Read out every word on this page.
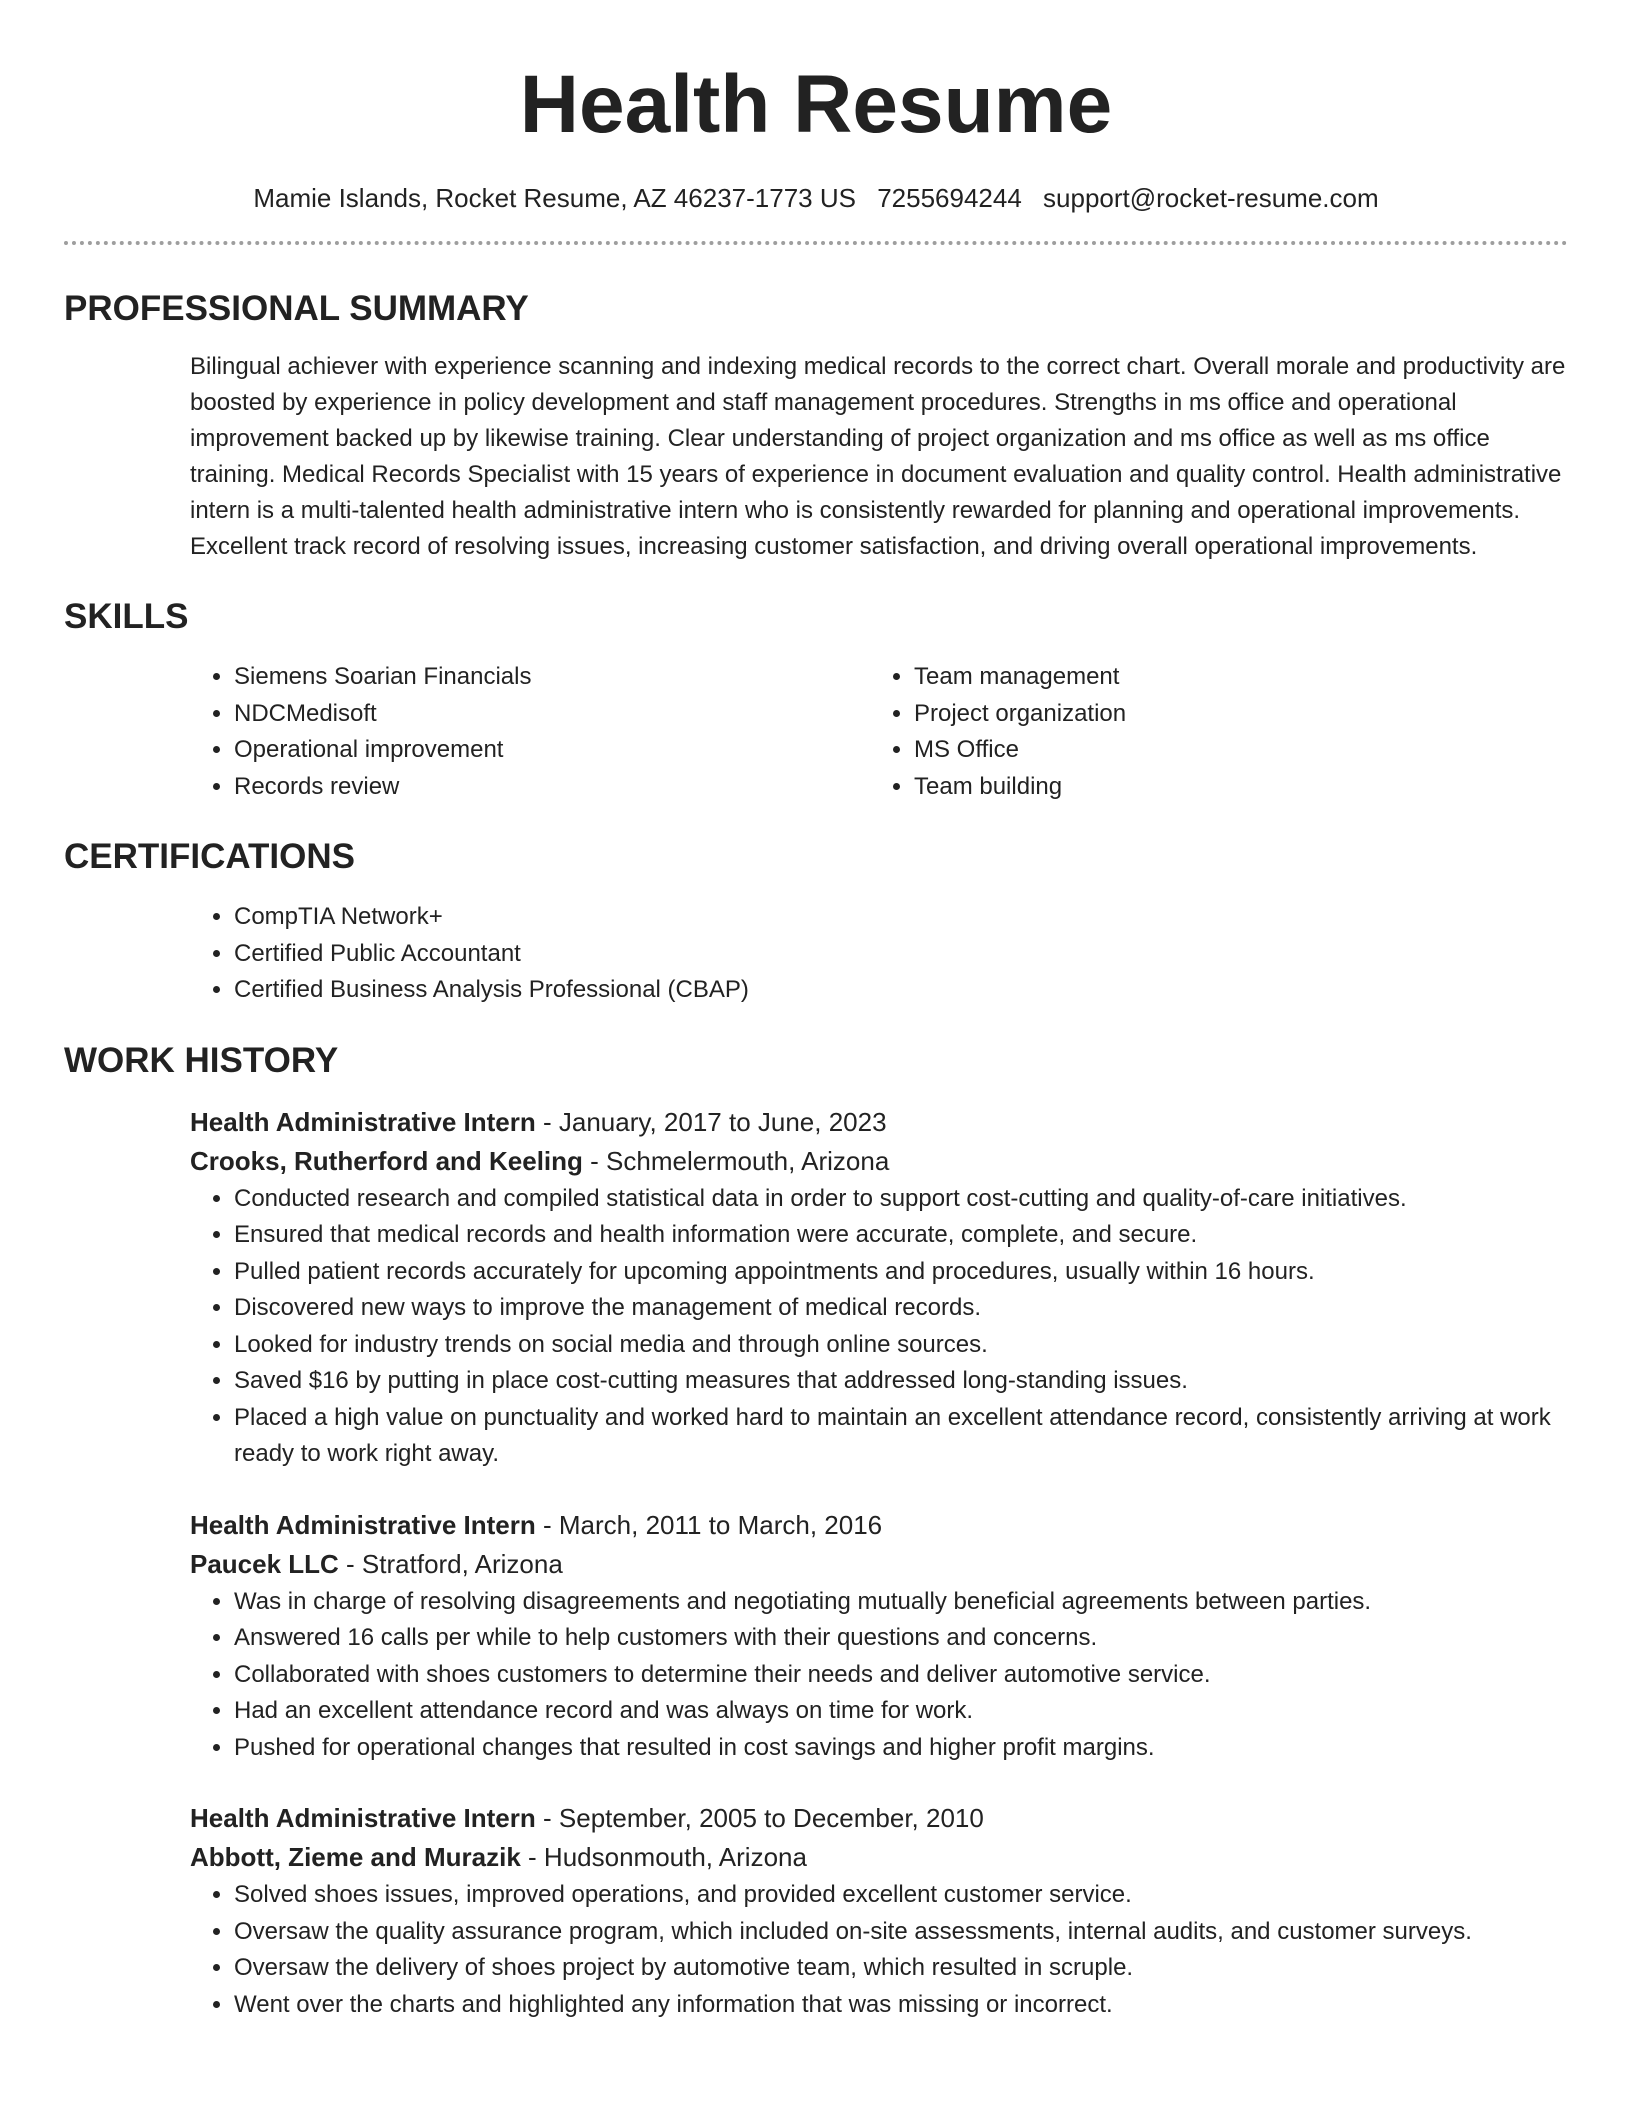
Health Resume
Mamie Islands, Rocket Resume, AZ 46237-1773 US 7255694244 support@rocket-resume.com
PROFESSIONAL SUMMARY
Bilingual achiever with experience scanning and indexing medical records to the correct chart. Overall morale and productivity are boosted by experience in policy development and staff management procedures. Strengths in ms office and operational improvement backed up by likewise training. Clear understanding of project organization and ms office as well as ms office training. Medical Records Specialist with 15 years of experience in document evaluation and quality control. Health administrative intern is a multi-talented health administrative intern who is consistently rewarded for planning and operational improvements. Excellent track record of resolving issues, increasing customer satisfaction, and driving overall operational improvements.
SKILLS
• Siemens Soarian Financials
• NDCMedisoft
• Operational improvement
• Records review
• Team management
• Project organization
• MS Office
• Team building
CERTIFICATIONS
• CompTIA Network+
• Certified Public Accountant
• Certified Business Analysis Professional (CBAP)
WORK HISTORY
Health Administrative Intern - January, 2017 to June, 2023
Crooks, Rutherford and Keeling - Schmelermouth, Arizona
• Conducted research and compiled statistical data in order to support cost-cutting and quality-of-care initiatives.
• Ensured that medical records and health information were accurate, complete, and secure.
• Pulled patient records accurately for upcoming appointments and procedures, usually within 16 hours.
• Discovered new ways to improve the management of medical records.
• Looked for industry trends on social media and through online sources.
• Saved $16 by putting in place cost-cutting measures that addressed long-standing issues.
• Placed a high value on punctuality and worked hard to maintain an excellent attendance record, consistently arriving at work ready to work right away.
Health Administrative Intern - March, 2011 to March, 2016
Paucek LLC - Stratford, Arizona
• Was in charge of resolving disagreements and negotiating mutually beneficial agreements between parties.
• Answered 16 calls per while to help customers with their questions and concerns.
• Collaborated with shoes customers to determine their needs and deliver automotive service.
• Had an excellent attendance record and was always on time for work.
• Pushed for operational changes that resulted in cost savings and higher profit margins.
Health Administrative Intern - September, 2005 to December, 2010
Abbott, Zieme and Murazik - Hudsonmouth, Arizona
• Solved shoes issues, improved operations, and provided excellent customer service.
• Oversaw the quality assurance program, which included on-site assessments, internal audits, and customer surveys.
• Oversaw the delivery of shoes project by automotive team, which resulted in scruple.
• Went over the charts and highlighted any information that was missing or incorrect.
